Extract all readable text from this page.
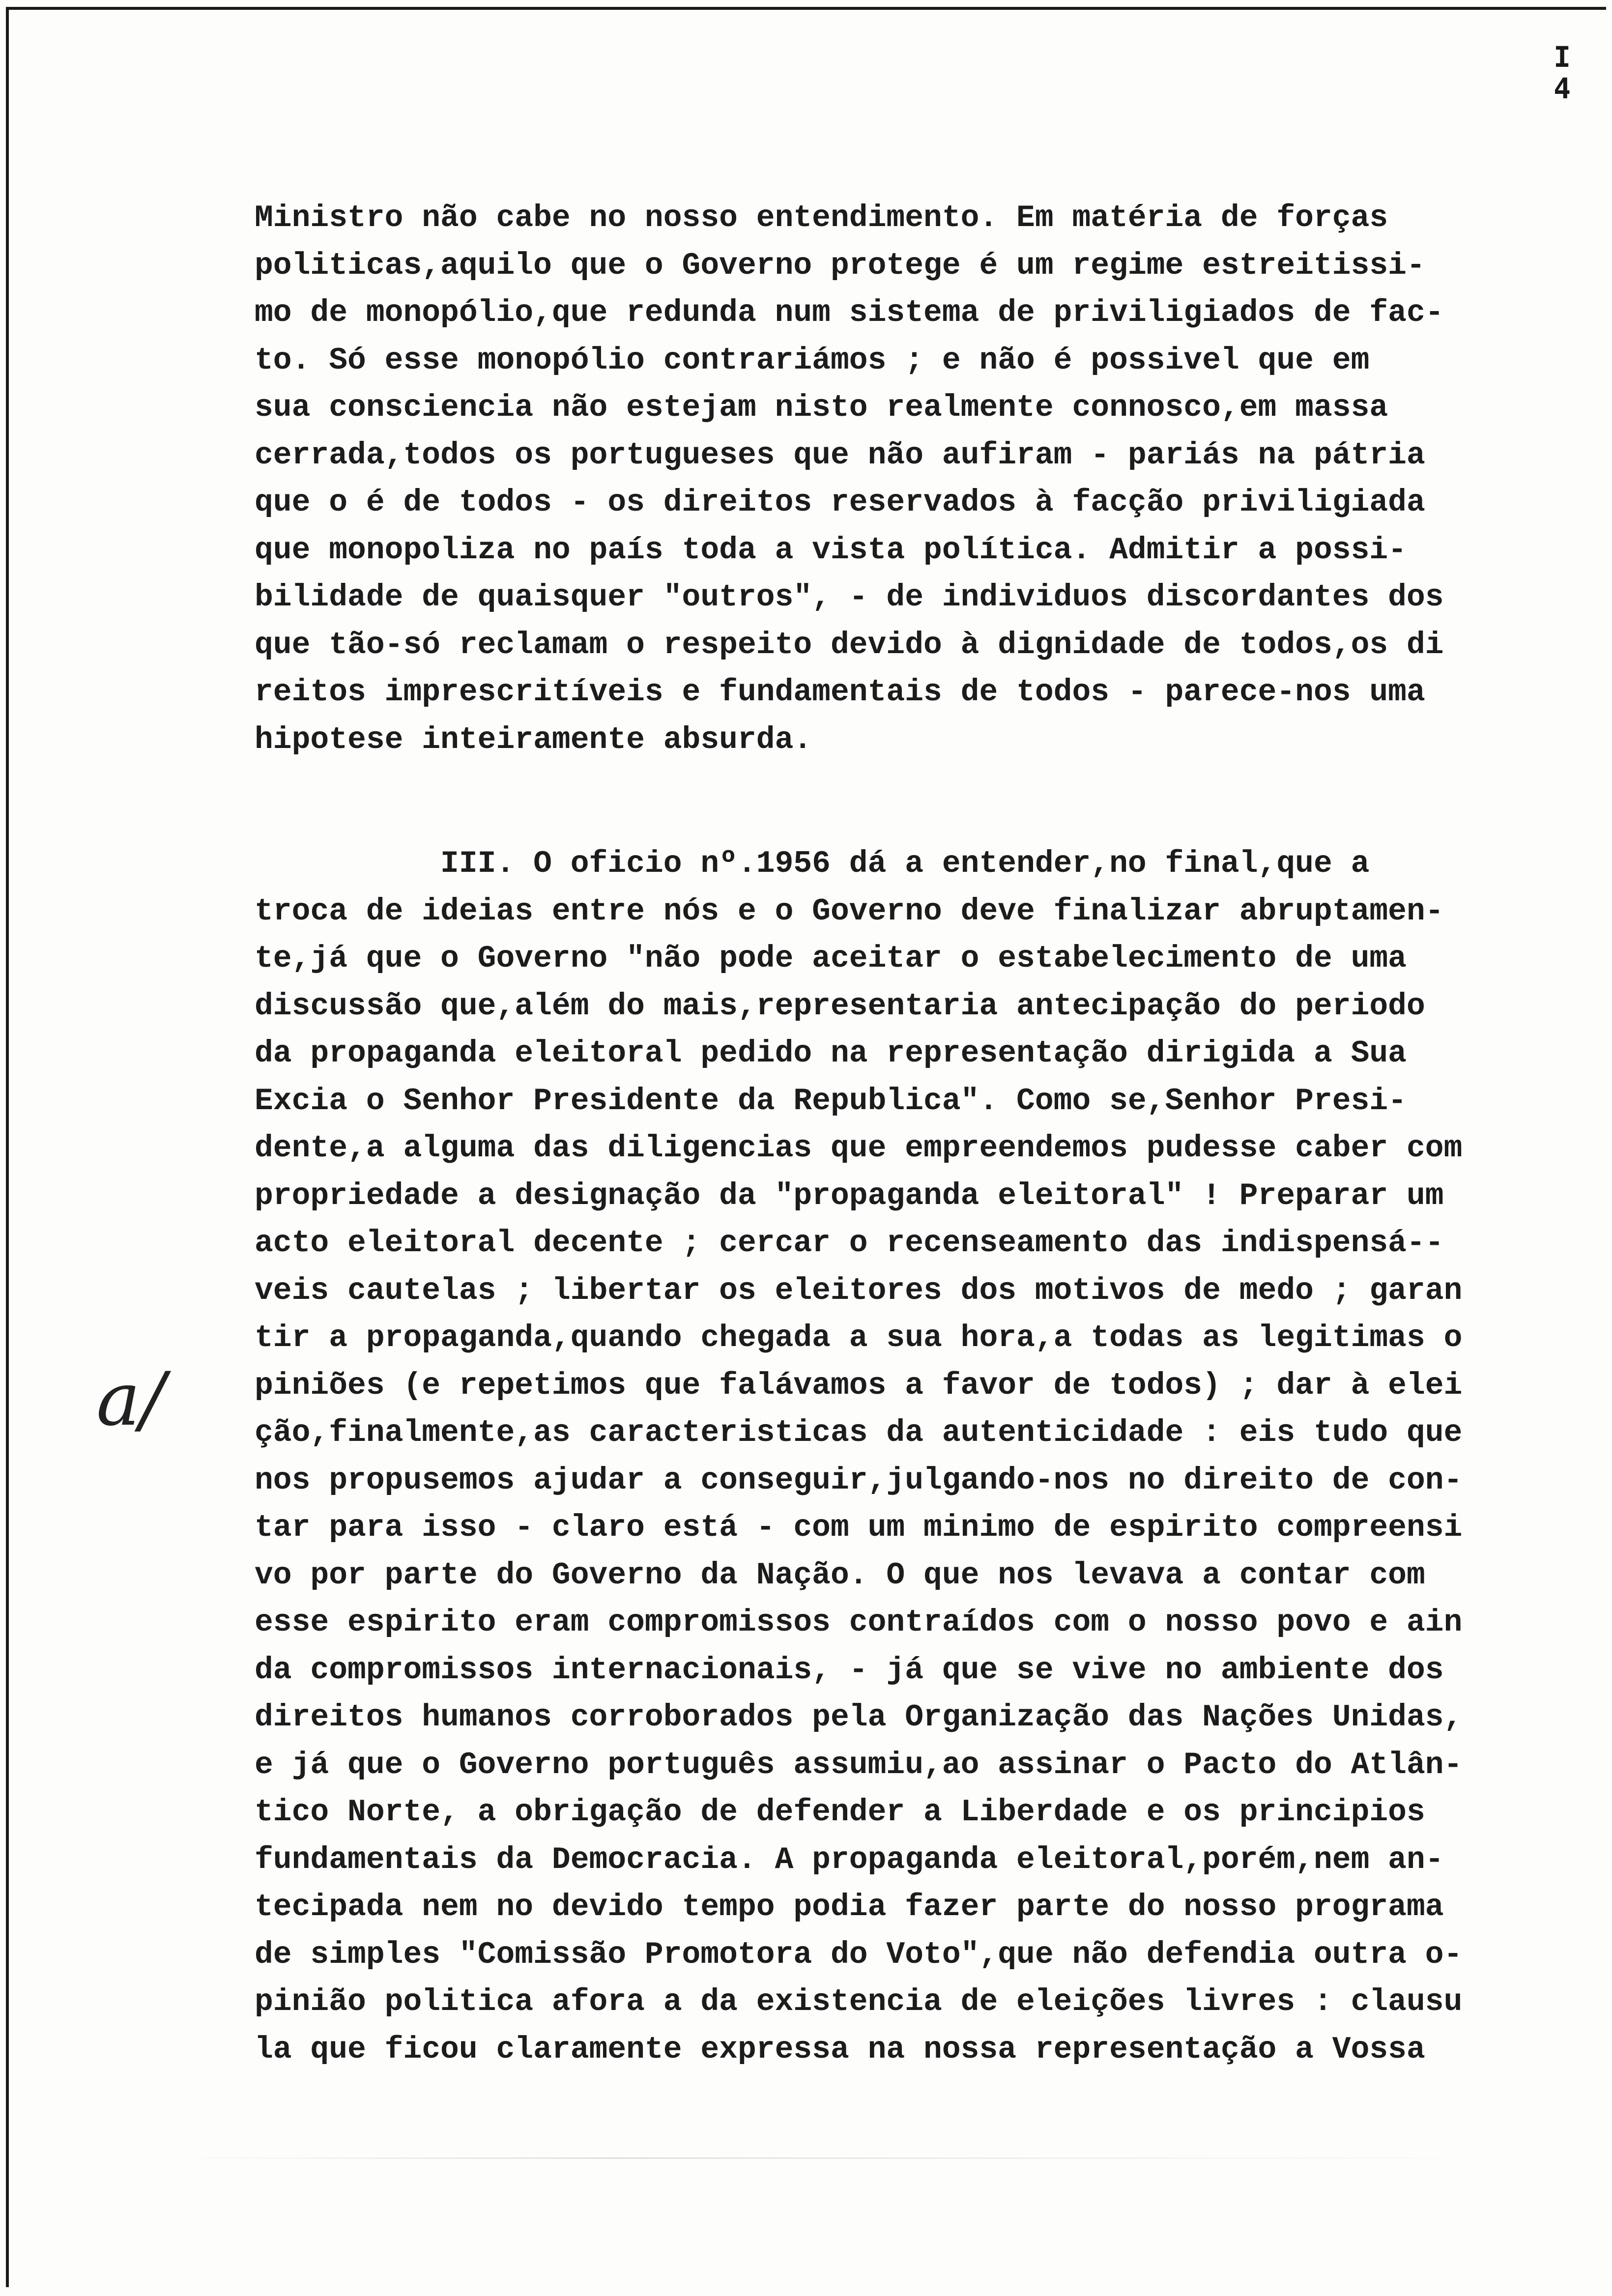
I
4
a/
Ministro não cabe no nosso entendimento. Em matéria de forças
politicas,aquilo que o Governo protege é um regime estreitissi-
mo de monopólio,que redunda num sistema de priviligiados de fac-
to. Só esse monopólio contrariámos ; e não é possivel que em
sua consciencia não estejam nisto realmente connosco,em massa
cerrada,todos os portugueses que não aufiram - pariás na pátria
que o é de todos - os direitos reservados à facção priviligiada
que monopoliza no país toda a vista política. Admitir a possi-
bilidade de quaisquer "outros", - de individuos discordantes dos
que tão-só reclamam o respeito devido à dignidade de todos,os di
reitos imprescritíveis e fundamentais de todos - parece-nos uma
hipotese inteiramente absurda.
III. O oficio nº.1956 dá a entender,no final,que a
troca de ideias entre nós e o Governo deve finalizar abruptamen-
te,já que o Governo "não pode aceitar o estabelecimento de uma
discussão que,além do mais,representaria antecipação do periodo
da propaganda eleitoral pedido na representação dirigida a Sua
Excia o Senhor Presidente da Republica". Como se,Senhor Presi-
dente,a alguma das diligencias que empreendemos pudesse caber com
propriedade a designação da "propaganda eleitoral" ! Preparar um
acto eleitoral decente ; cercar o recenseamento das indispensá--
veis cautelas ; libertar os eleitores dos motivos de medo ; garan
tir a propaganda,quando chegada a sua hora,a todas as legitimas o
piniões (e repetimos que falávamos a favor de todos) ; dar à elei
ção,finalmente,as caracteristicas da autenticidade : eis tudo que
nos propusemos ajudar a conseguir,julgando-nos no direito de con-
tar para isso - claro está - com um minimo de espirito compreensi
vo por parte do Governo da Nação. O que nos levava a contar com
esse espirito eram compromissos contraídos com o nosso povo e ain
da compromissos internacionais, - já que se vive no ambiente dos
direitos humanos corroborados pela Organização das Nações Unidas,
e já que o Governo português assumiu,ao assinar o Pacto do Atlân-
tico Norte, a obrigação de defender a Liberdade e os principios
fundamentais da Democracia. A propaganda eleitoral,porém,nem an-
tecipada nem no devido tempo podia fazer parte do nosso programa
de simples "Comissão Promotora do Voto",que não defendia outra o-
pinião politica afora a da existencia de eleições livres : clausu
la que ficou claramente expressa na nossa representação a Vossa
